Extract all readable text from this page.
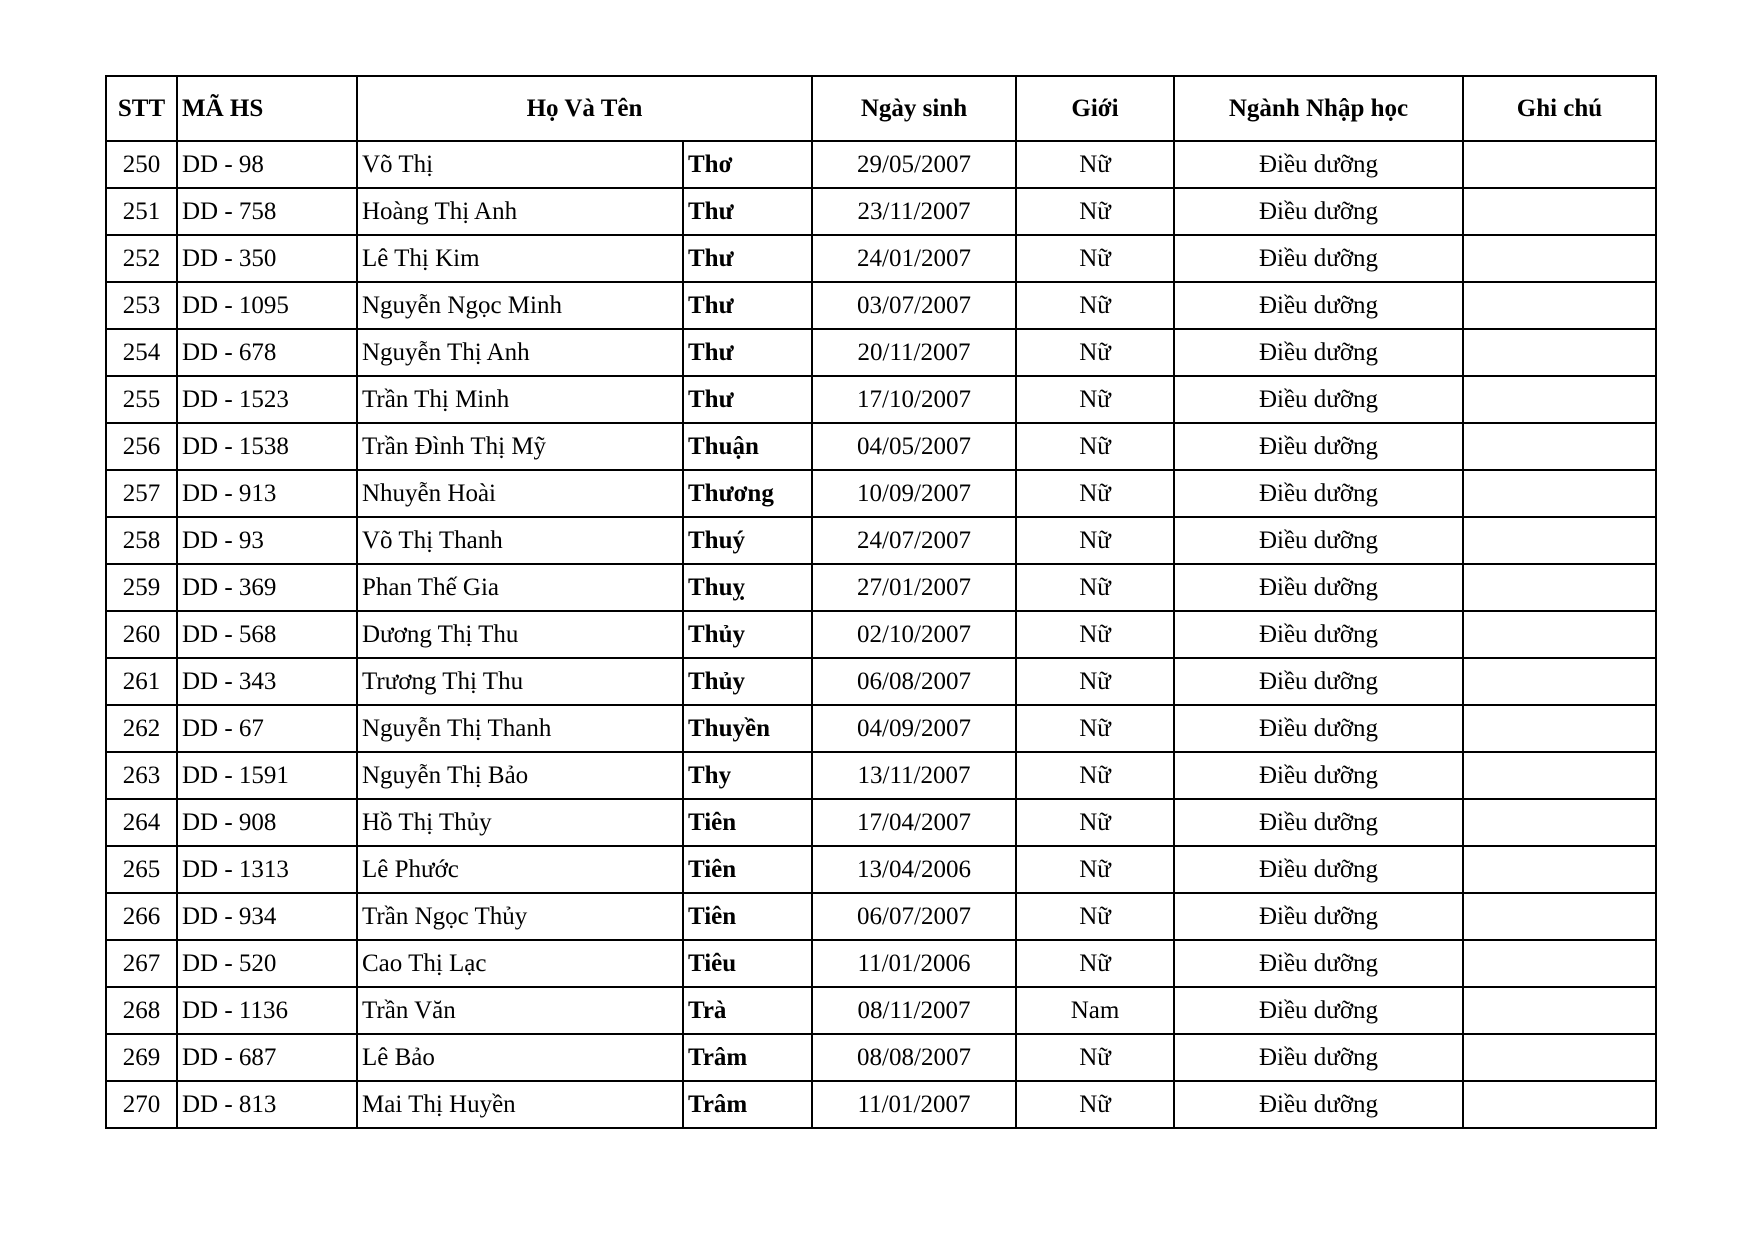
STT	MÃ HS	Họ Và Tên		Ngày sinh	Giới	Ngành Nhập học	Ghi chú
250	DD - 98	Võ Thị	Thơ	29/05/2007	Nữ	Điều dưỡng	
251	DD - 758	Hoàng Thị Anh	Thư	23/11/2007	Nữ	Điều dưỡng	
252	DD - 350	Lê Thị Kim	Thư	24/01/2007	Nữ	Điều dưỡng	
253	DD - 1095	Nguyễn Ngọc Minh	Thư	03/07/2007	Nữ	Điều dưỡng	
254	DD - 678	Nguyễn Thị Anh	Thư	20/11/2007	Nữ	Điều dưỡng	
255	DD - 1523	Trần Thị Minh	Thư	17/10/2007	Nữ	Điều dưỡng	
256	DD - 1538	Trần Đình Thị Mỹ	Thuận	04/05/2007	Nữ	Điều dưỡng	
257	DD - 913	Nhuyễn Hoài	Thương	10/09/2007	Nữ	Điều dưỡng	
258	DD - 93	Võ Thị Thanh	Thuý	24/07/2007	Nữ	Điều dưỡng	
259	DD - 369	Phan Thế Gia	Thuỵ	27/01/2007	Nữ	Điều dưỡng	
260	DD - 568	Dương Thị Thu	Thủy	02/10/2007	Nữ	Điều dưỡng	
261	DD - 343	Trương Thị Thu	Thủy	06/08/2007	Nữ	Điều dưỡng	
262	DD - 67	Nguyễn Thị Thanh	Thuyền	04/09/2007	Nữ	Điều dưỡng	
263	DD - 1591	Nguyễn Thị Bảo	Thy	13/11/2007	Nữ	Điều dưỡng	
264	DD - 908	Hồ Thị Thủy	Tiên	17/04/2007	Nữ	Điều dưỡng	
265	DD - 1313	Lê Phước	Tiên	13/04/2006	Nữ	Điều dưỡng	
266	DD - 934	Trần Ngọc Thủy	Tiên	06/07/2007	Nữ	Điều dưỡng	
267	DD - 520	Cao Thị Lạc	Tiêu	11/01/2006	Nữ	Điều dưỡng	
268	DD - 1136	Trần Văn	Trà	08/11/2007	Nam	Điều dưỡng	
269	DD - 687	Lê Bảo	Trâm	08/08/2007	Nữ	Điều dưỡng	
270	DD - 813	Mai Thị Huyền	Trâm	11/01/2007	Nữ	Điều dưỡng	
